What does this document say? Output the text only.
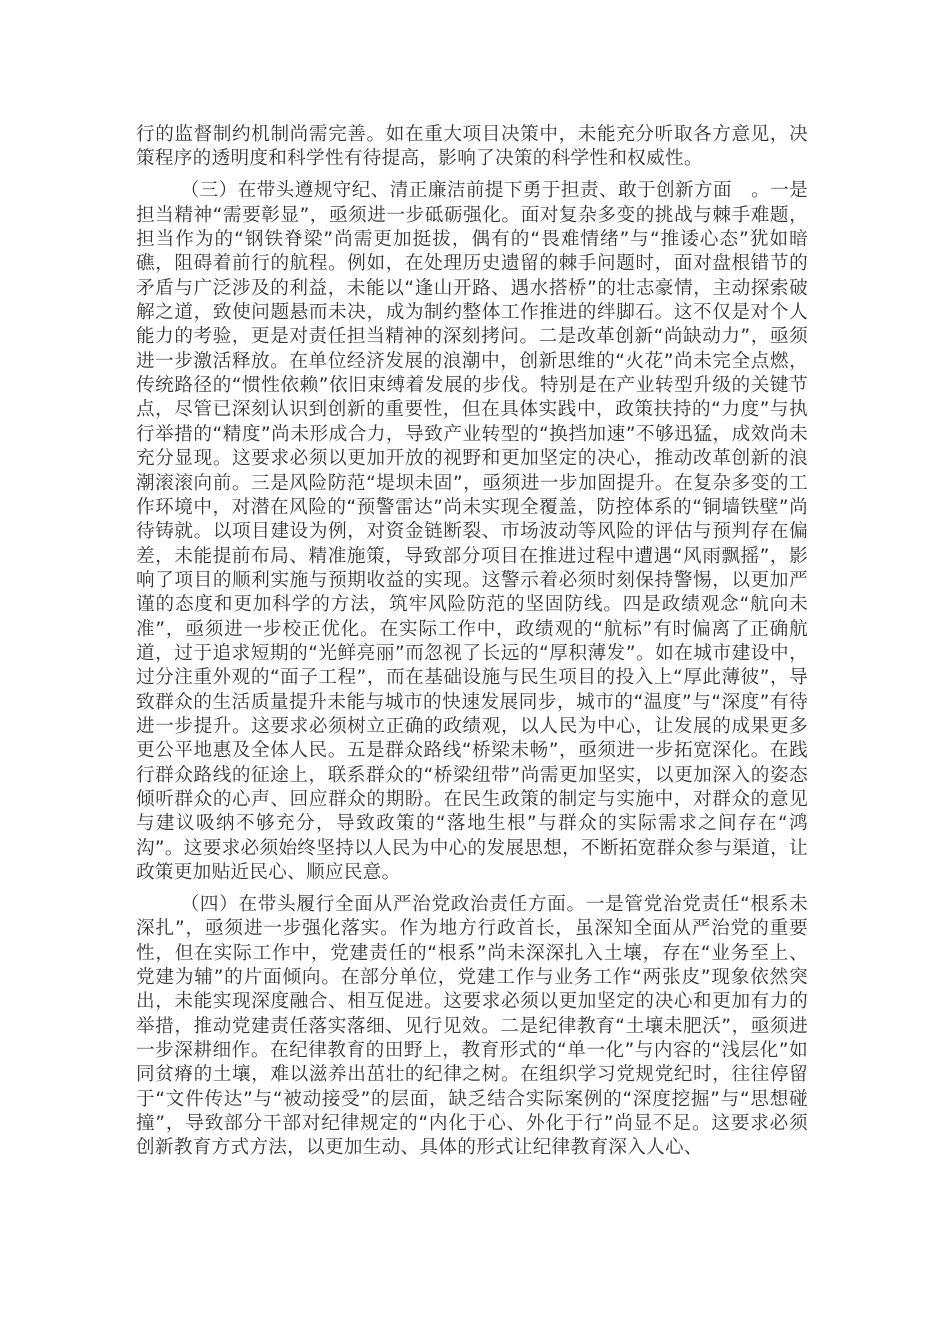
行的监督制约机制尚需完善。如在重大项目决策中，未能充分听取各方意见，决策程序的透明度和科学性有待提高，影响了决策的科学性和权威性。

（三）在带头遵规守纪、清正廉洁前提下勇于担责、敢于创新方面　。一是担当精神“需要彰显”，亟须进一步砥砺强化。面对复杂多变的挑战与棘手难题，担当作为的“钢铁脊梁”尚需更加挺拔，偶有的“畏难情绪”与“推诿心态”犹如暗礁，阻碍着前行的航程。例如，在处理历史遗留的棘手问题时，面对盘根错节的矛盾与广泛涉及的利益，未能以“逢山开路、遇水搭桥”的壮志豪情，主动探索破解之道，致使问题悬而未决，成为制约整体工作推进的绊脚石。这不仅是对个人能力的考验，更是对责任担当精神的深刻拷问。二是改革创新“尚缺动力”，亟须进一步激活释放。在单位经济发展的浪潮中，创新思维的“火花”尚未完全点燃，传统路径的“惯性依赖”依旧束缚着发展的步伐。特别是在产业转型升级的关键节点，尽管已深刻认识到创新的重要性，但在具体实践中，政策扶持的“力度”与执行举措的“精度”尚未形成合力，导致产业转型的“换挡加速”不够迅猛，成效尚未充分显现。这要求必须以更加开放的视野和更加坚定的决心，推动改革创新的浪潮滚滚向前。三是风险防范“堤坝未固”，亟须进一步加固提升。在复杂多变的工作环境中，对潜在风险的“预警雷达”尚未实现全覆盖，防控体系的“铜墙铁壁”尚待铸就。以项目建设为例，对资金链断裂、市场波动等风险的评估与预判存在偏差，未能提前布局、精准施策，导致部分项目在推进过程中遭遇“风雨飘摇”，影响了项目的顺利实施与预期收益的实现。这警示着必须时刻保持警惕，以更加严谨的态度和更加科学的方法，筑牢风险防范的坚固防线。四是政绩观念“航向未准”，亟须进一步校正优化。在实际工作中，政绩观的“航标”有时偏离了正确航道，过于追求短期的“光鲜亮丽”而忽视了长远的“厚积薄发”。如在城市建设中，过分注重外观的“面子工程”，而在基础设施与民生项目的投入上“厚此薄彼”，导致群众的生活质量提升未能与城市的快速发展同步，城市的“温度”与“深度”有待进一步提升。这要求必须树立正确的政绩观，以人民为中心，让发展的成果更多更公平地惠及全体人民。五是群众路线“桥梁未畅”，亟须进一步拓宽深化。在践行群众路线的征途上，联系群众的“桥梁纽带”尚需更加坚实，以更加深入的姿态倾听群众的心声、回应群众的期盼。在民生政策的制定与实施中，对群众的意见与建议吸纳不够充分，导致政策的“落地生根”与群众的实际需求之间存在“鸿沟”。这要求必须始终坚持以人民为中心的发展思想，不断拓宽群众参与渠道，让政策更加贴近民心、顺应民意。

（四）在带头履行全面从严治党政治责任方面。一是管党治党责任“根系未深扎”，亟须进一步强化落实。作为地方行政首长，虽深知全面从严治党的重要性，但在实际工作中，党建责任的“根系”尚未深深扎入土壤，存在“业务至上、党建为辅”的片面倾向。在部分单位，党建工作与业务工作“两张皮”现象依然突出，未能实现深度融合、相互促进。这要求必须以更加坚定的决心和更加有力的举措，推动党建责任落实落细、见行见效。二是纪律教育“土壤未肥沃”，亟须进一步深耕细作。在纪律教育的田野上，教育形式的“单一化”与内容的“浅层化”如同贫瘠的土壤，难以滋养出茁壮的纪律之树。在组织学习党规党纪时，往往停留于“文件传达”与“被动接受”的层面，缺乏结合实际案例的“深度挖掘”与“思想碰撞”，导致部分干部对纪律规定的“内化于心、外化于行”尚显不足。这要求必须创新教育方式方法，以更加生动、具体的形式让纪律教育深入人心、
